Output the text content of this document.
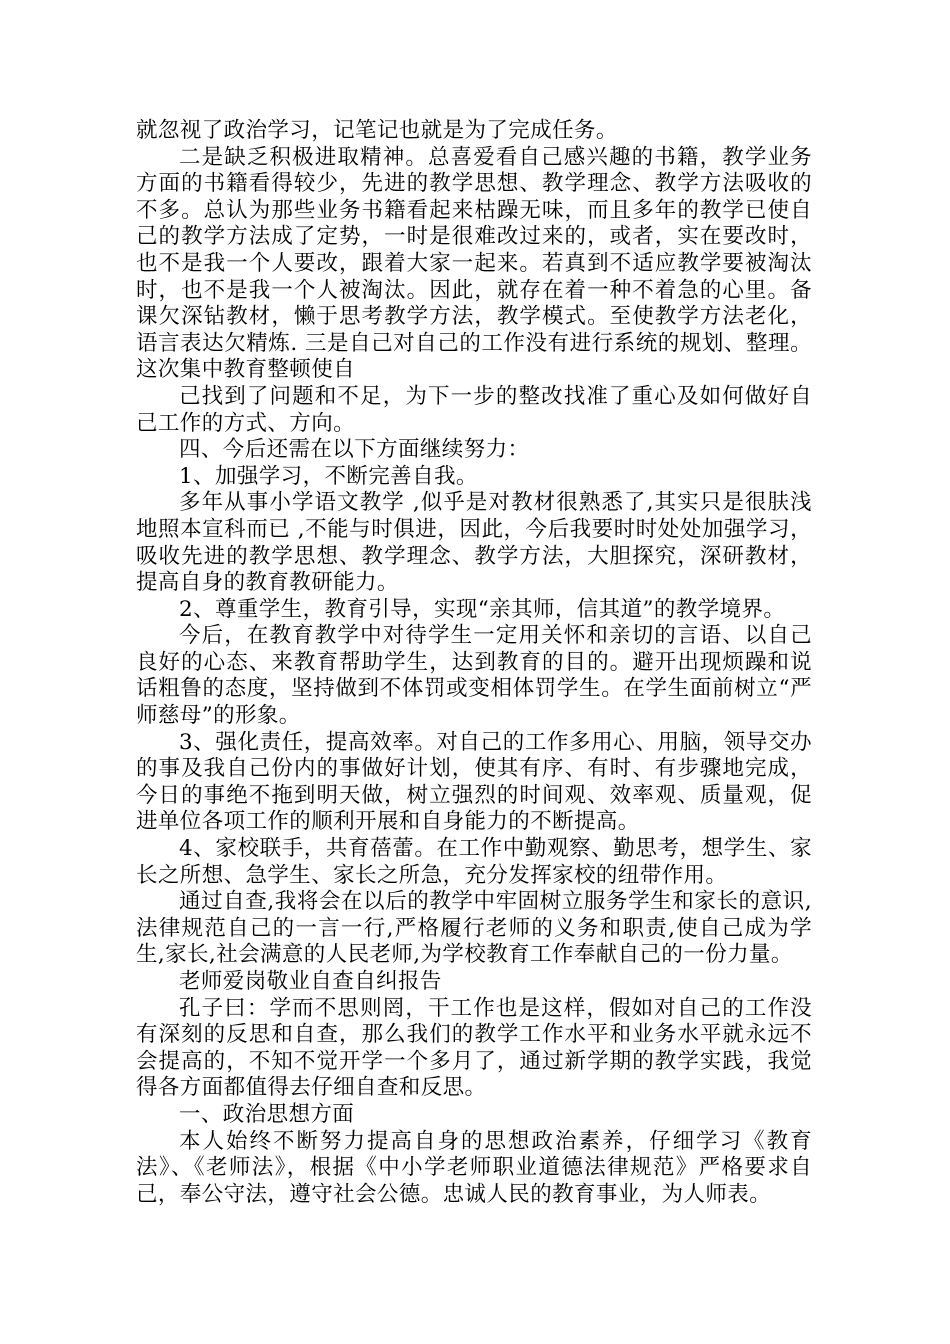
就忽视了政治学习，记笔记也就是为了完成任务。

二是缺乏积极进取精神。总喜爱看自己感兴趣的书籍，教学业务方面的书籍看得较少，先进的教学思想、教学理念、教学方法吸收的不多。总认为那些业务书籍看起来枯躁无味，而且多年的教学已使自己的教学方法成了定势，一时是很难改过来的，或者，实在要改时，也不是我一个人要改，跟着大家一起来。若真到不适应教学要被淘汰时，也不是我一个人被淘汰。因此，就存在着一种不着急的心里。备课欠深钻教材，懒于思考教学方法，教学模式。至使教学方法老化，语言表达欠精炼. 三是自己对自己的工作没有进行系统的规划、整理。这次集中教育整顿使自

己找到了问题和不足，为下一步的整改找准了重心及如何做好自己工作的方式、方向。

四、今后还需在以下方面继续努力：

1、加强学习，不断完善自我。

多年从事小学语文教学 ,似乎是对教材很熟悉了,其实只是很肤浅地照本宣科而已 ,不能与时俱进，因此，今后我要时时处处加强学习，吸收先进的教学思想、教学理念、教学方法，大胆探究，深研教材，提高自身的教育教研能力。

2、尊重学生，教育引导，实现“亲其师，信其道”的教学境界。

今后，在教育教学中对待学生一定用关怀和亲切的言语、以自己良好的心态、来教育帮助学生，达到教育的目的。避开出现烦躁和说话粗鲁的态度，坚持做到不体罚或变相体罚学生。在学生面前树立“严师慈母”的形象。

3、强化责任，提高效率。对自己的工作多用心、用脑，领导交办的事及我自己份内的事做好计划，使其有序、有时、有步骤地完成，今日的事绝不拖到明天做，树立强烈的时间观、效率观、质量观，促进单位各项工作的顺利开展和自身能力的不断提高。

4、家校联手，共育蓓蕾。在工作中勤观察、勤思考，想学生、家长之所想、急学生、家长之所急，充分发挥家校的纽带作用。

通过自查,我将会在以后的教学中牢固树立服务学生和家长的意识,法律规范自己的一言一行,严格履行老师的义务和职责,使自己成为学生,家长,社会满意的人民老师,为学校教育工作奉献自己的一份力量。

老师爱岗敬业自查自纠报告

孔子曰：学而不思则罔，干工作也是这样，假如对自己的工作没有深刻的反思和自查，那么我们的教学工作水平和业务水平就永远不会提高的，不知不觉开学一个多月了，通过新学期的教学实践，我觉得各方面都值得去仔细自查和反思。

一、政治思想方面

本人始终不断努力提高自身的思想政治素养，仔细学习《教育法》、《老师法》，根据《中小学老师职业道德法律规范》严格要求自己，奉公守法，遵守社会公德。忠诚人民的教育事业，为人师表。
